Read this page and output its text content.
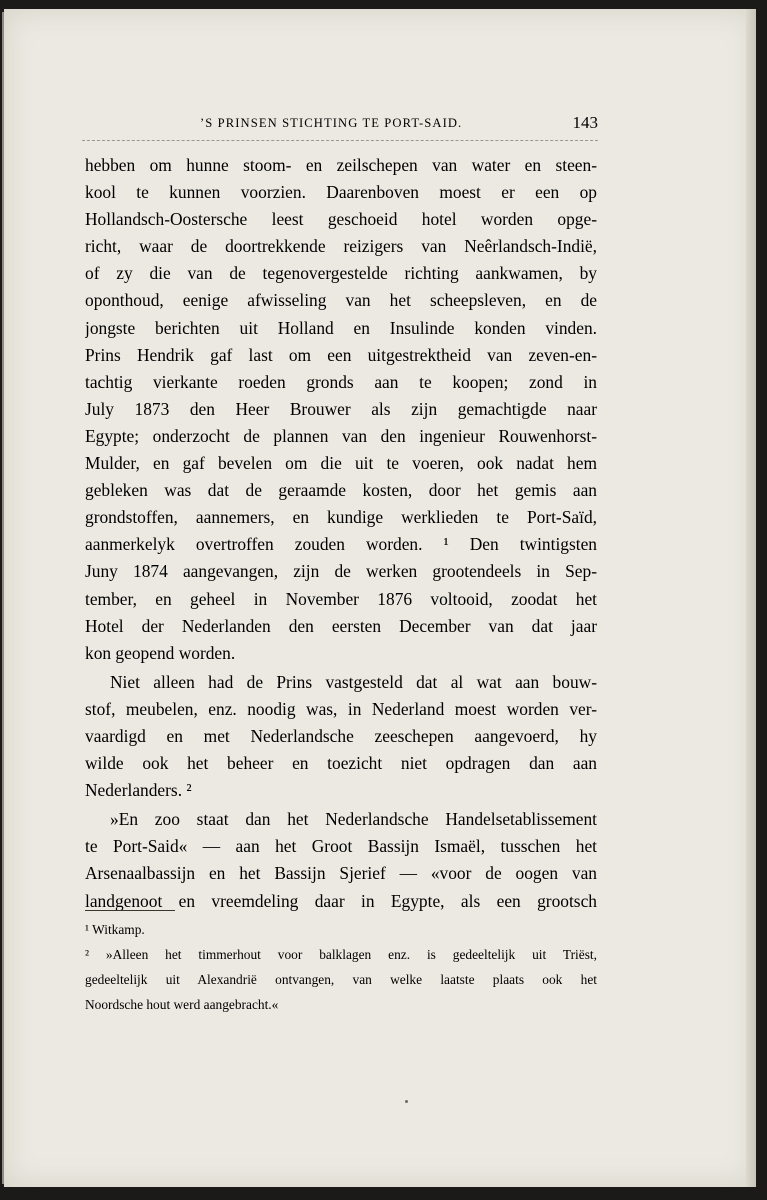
’S PRINSEN STICHTING TE PORT-SAID.	143
hebben om hunne stoom- en zeilschepen van water en steen-
kool te kunnen voorzien. Daarenboven moest er een op
Hollandsch-Oostersche leest geschoeid hotel worden opge-
richt, waar de doortrekkende reizigers van Neêrlandsch-Indië,
of zy die van de tegenovergestelde richting aankwamen, by
oponthoud, eenige afwisseling van het scheepsleven, en de
jongste berichten uit Holland en Insulinde konden vinden.
Prins Hendrik gaf last om een uitgestrektheid van zeven-en-
tachtig vierkante roeden gronds aan te koopen; zond in
July 1873 den Heer Brouwer als zijn gemachtigde naar
Egypte; onderzocht de plannen van den ingenieur Rouwenhorst-
Mulder, en gaf bevelen om die uit te voeren, ook nadat hem
gebleken was dat de geraamde kosten, door het gemis aan
grondstoffen, aannemers, en kundige werklieden te Port-Saïd,
aanmerkelyk overtroffen zouden worden. ¹ Den twintigsten
Juny 1874 aangevangen, zijn de werken grootendeels in Sep-
tember, en geheel in November 1876 voltooid, zoodat het
Hotel der Nederlanden den eersten December van dat jaar
kon geopend worden.
Niet alleen had de Prins vastgesteld dat al wat aan bouw-
stof, meubelen, enz. noodig was, in Nederland moest worden ver-
vaardigd en met Nederlandsche zeeschepen aangevoerd, hy
wilde ook het beheer en toezicht niet opdragen dan aan
Nederlanders. ²
»En zoo staat dan het Nederlandsche Handelsetablissement
te Port-Said« — aan het Groot Bassijn Ismaël, tusschen het
Arsenaalbassijn en het Bassijn Sjerief — «voor de oogen van
landgenoot en vreemdeling daar in Egypte, als een grootsch
¹ Witkamp.
² »Alleen het timmerhout voor balklagen enz. is gedeeltelijk uit Triëst,
gedeeltelijk uit Alexandrië ontvangen, van welke laatste plaats ook het
Noordsche hout werd aangebracht.«
